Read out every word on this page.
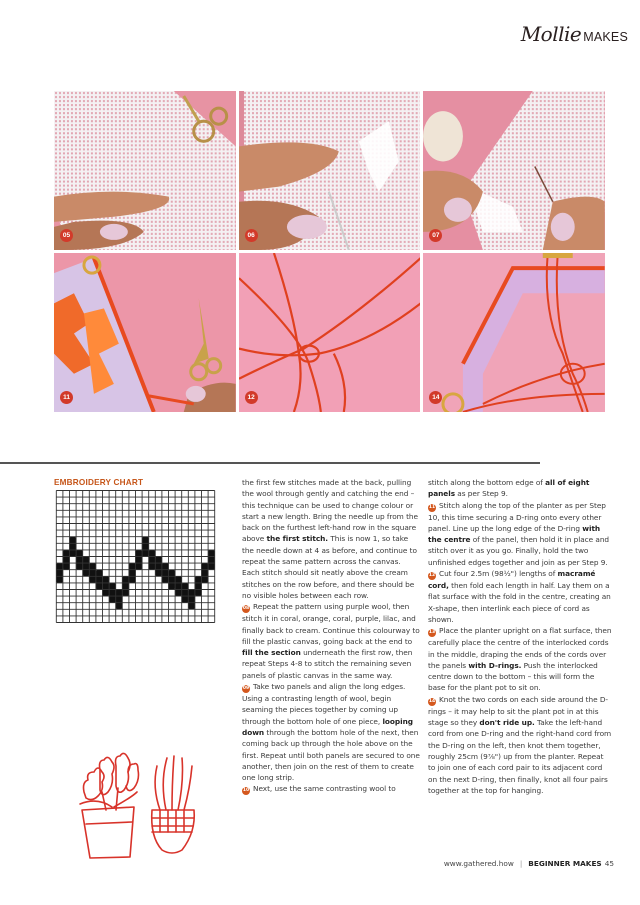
Mollie MAKES
05	06	07
11	12	14
EMBROIDERY CHART	the first few stitches made at the back, pulling the wool through gently and catching the end – this technique can be used to change colour or start a new length. Bring the needle up from the back on the furthest left-hand row in the square above the first stitch. This is now 1, so take the needle down at 4 as before, and continue to repeat the same pattern across the canvas. Each stitch should sit neatly above the cream stitches on the row before, and there should be no visible holes between each row.

08 Repeat the pattern using purple wool, then stitch it in coral, orange, coral, purple, lilac, and finally back to cream. Continue this colourway to fill the plastic canvas, going back at the end to fill the section underneath the first row, then repeat Steps 4-8 to stitch the remaining seven panels of plastic canvas in the same way.

09 Take two panels and align the long edges. Using a contrasting length of wool, begin seaming the pieces together by coming up through the bottom hole of one piece, looping down through the bottom hole of the next, then coming back up through the hole above on the first. Repeat until both panels are secured to one another, then join on the rest of them to create one long strip.

10 Next, use the same contrasting wool to

stitch along the bottom edge of all of eight panels as per Step 9.

11 Stitch along the top of the planter as per Step 10, this time securing a D-ring onto every other panel. Line up the long edge of the D-ring with the centre of the panel, then hold it in place and stitch over it as you go. Finally, hold the two unfinished edges together and join as per Step 9.

12 Cut four 2.5m (98½") lengths of macramé cord, then fold each length in half. Lay them on a flat surface with the fold in the centre, creating an X-shape, then interlink each piece of cord as shown.

13 Place the planter upright on a flat surface, then carefully place the centre of the interlocked cords in the middle, draping the ends of the cords over the panels with D-rings. Push the interlocked centre down to the bottom – this will form the base for the plant pot to sit on.

14 Knot the two cords on each side around the D-rings – it may help to sit the plant pot in at this stage so they don't ride up. Take the left-hand cord from one D-ring and the right-hand cord from the D-ring on the left, then knot them together, roughly 25cm (9⅞") up from the planter. Repeat to join one of each cord pair to its adjacent cord on the next D-ring, then finally, knot all four pairs together at the top for hanging.

www.gathered.how | BEGINNER MAKES 45
